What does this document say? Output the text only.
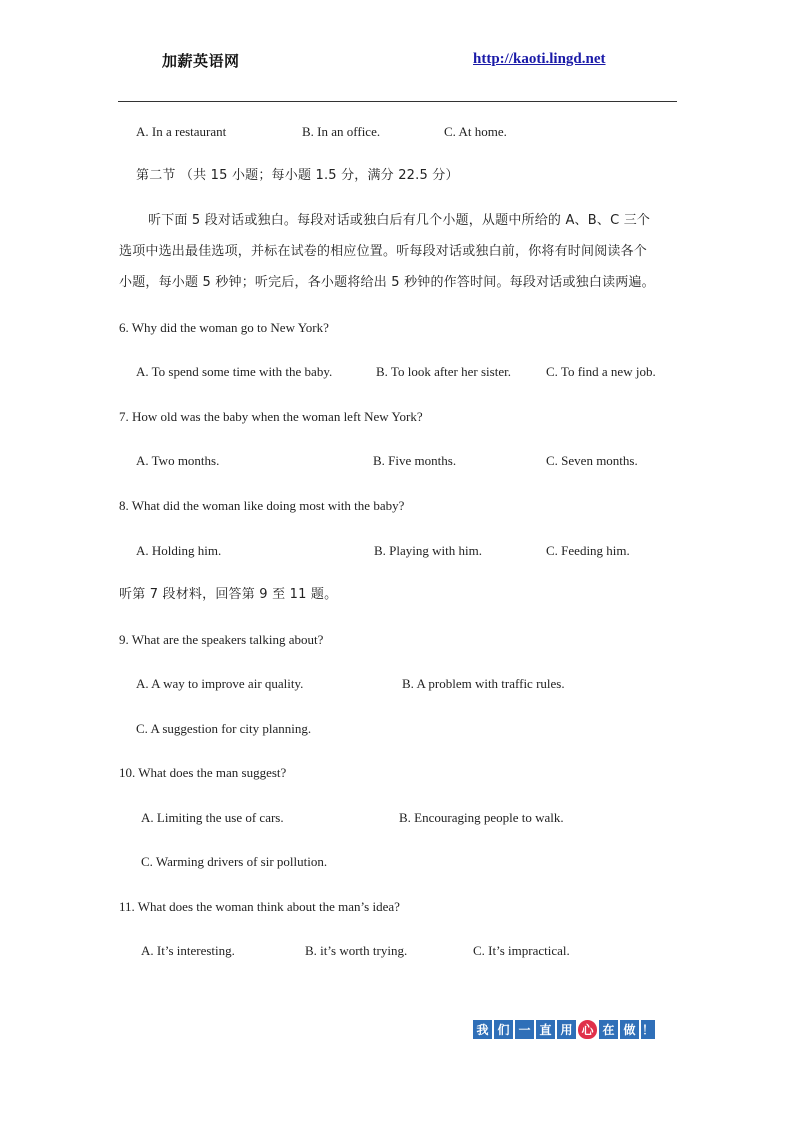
加薪英语网	http://kaoti.lingd.net
A. In a restaurant	B. In an office.	C. At home.
第二节 （共 15 小题；每小题 1.5 分，满分 22.5 分）
听下面 5 段对话或独白。每段对话或独白后有几个小题，从题中所给的 A、B、C 三个
选项中选出最佳选项，并标在试卷的相应位置。听每段对话或独白前，你将有时间阅读各个
小题，每小题 5 秒钟；听完后，各小题将给出 5 秒钟的作答时间。每段对话或独白读两遍。
6. Why did the woman go to New York?
A. To spend some time with the baby.	B. To look after her sister.	C. To find a new job.
7. How old was the baby when the woman left New York?
A. Two months.	B. Five months.	C. Seven months.
8. What did the woman like doing most with the baby?
A. Holding him.	B. Playing with him.	C. Feeding him.
听第 7 段材料，回答第 9 至 11 题。
9. What are the speakers talking about?
A. A way to improve air quality.	B. A problem with traffic rules.
C. A suggestion for city planning.
10. What does the man suggest?
A. Limiting the use of cars.	B. Encouraging people to walk.
C. Warming drivers of sir pollution.
11. What does the woman think about the man’s idea?
A. It’s interesting.	B. it’s worth trying.	C. It’s impractical.
我 们 一 直 用 心 在 做 ！
